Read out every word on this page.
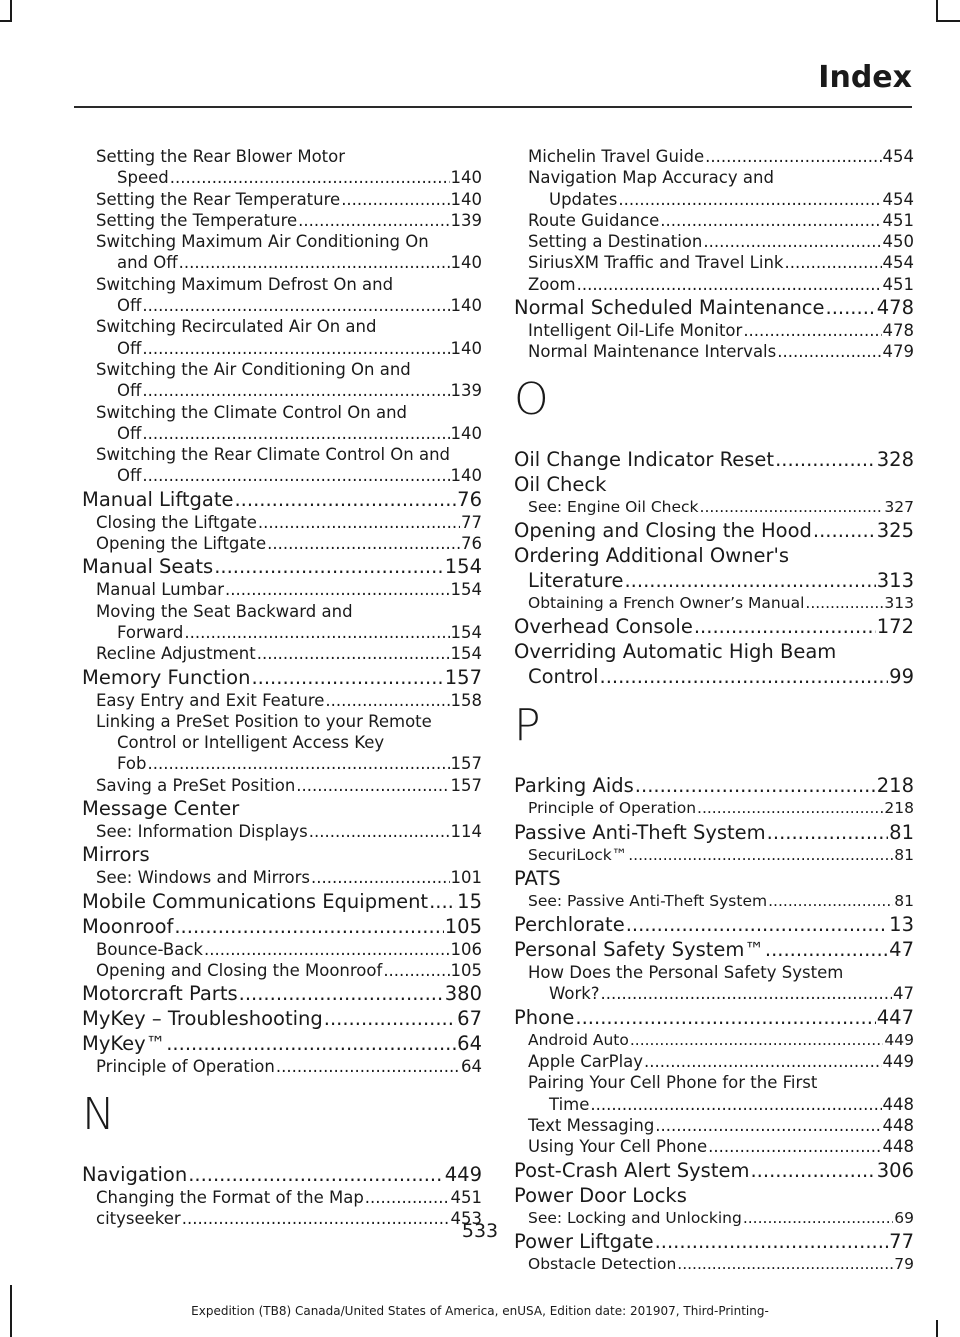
Index
Setting the Rear Blower Motor
Speed .....	140
Setting the Rear Temperature .....	140
Setting the Temperature .....	139
Switching Maximum Air Conditioning On
and Off .....	140
Switching Maximum Defrost On and
Off .....	140
Switching Recirculated Air On and
Off .....	140
Switching the Air Conditioning On and
Off .....	139
Switching the Climate Control On and
Off .....	140
Switching the Rear Climate Control On and
Off .....	140
Manual Liftgate .....	76
Closing the Liftgate .....	77
Opening the Liftgate .....	76
Manual Seats .....	154
Manual Lumbar .....	154
Moving the Seat Backward and
Forward .....	154
Recline Adjustment .....	154
Memory Function .....	157
Easy Entry and Exit Feature .....	158
Linking a PreSet Position to your Remote
Control or Intelligent Access Key
Fob .....	157
Saving a PreSet Position .....	157
Message Center
See: Information Displays .....	114
Mirrors
See: Windows and Mirrors .....	101
Mobile Communications Equipment ..... 15
Moonroof .....	105
Bounce-Back .....	106
Opening and Closing the Moonroof .....	105
Motorcraft Parts .....	380
MyKey – Troubleshooting .....	67
MyKey™ .....	64
Principle of Operation .....	64
N
Navigation .....	449
Changing the Format of the Map .....	451
cityseeker .....	453
Michelin Travel Guide .....	454
Navigation Map Accuracy and
Updates .....	454
Route Guidance .....	451
Setting a Destination .....	450
SiriusXM Traffic and Travel Link .....	454
Zoom .....	451
Normal Scheduled Maintenance .....	478
Intelligent Oil-Life Monitor .....	478
Normal Maintenance Intervals .....	479
O
Oil Change Indicator Reset .....	328
Oil Check
See: Engine Oil Check .....	327
Opening and Closing the Hood .....	325
Ordering Additional Owner's
Literature .....	313
Obtaining a French Owner’s Manual .....	313
Overhead Console .....	172
Overriding Automatic High Beam
Control .....	99
P
Parking Aids .....	218
Principle of Operation .....	218
Passive Anti-Theft System .....	81
SecuriLock™ .....	81
PATS
See: Passive Anti-Theft System .....	81
Perchlorate .....	13
Personal Safety System™ .....	47
How Does the Personal Safety System
Work? .....	47
Phone .....	447
Android Auto .....	449
Apple CarPlay .....	449
Pairing Your Cell Phone for the First
Time .....	448
Text Messaging .....	448
Using Your Cell Phone .....	448
Post-Crash Alert System .....	306
Power Door Locks
See: Locking and Unlocking .....	69
Power Liftgate .....	77
Obstacle Detection .....	79
533
Expedition (TB8) Canada/United States of America, enUSA, Edition date: 201907, Third-Printing-
